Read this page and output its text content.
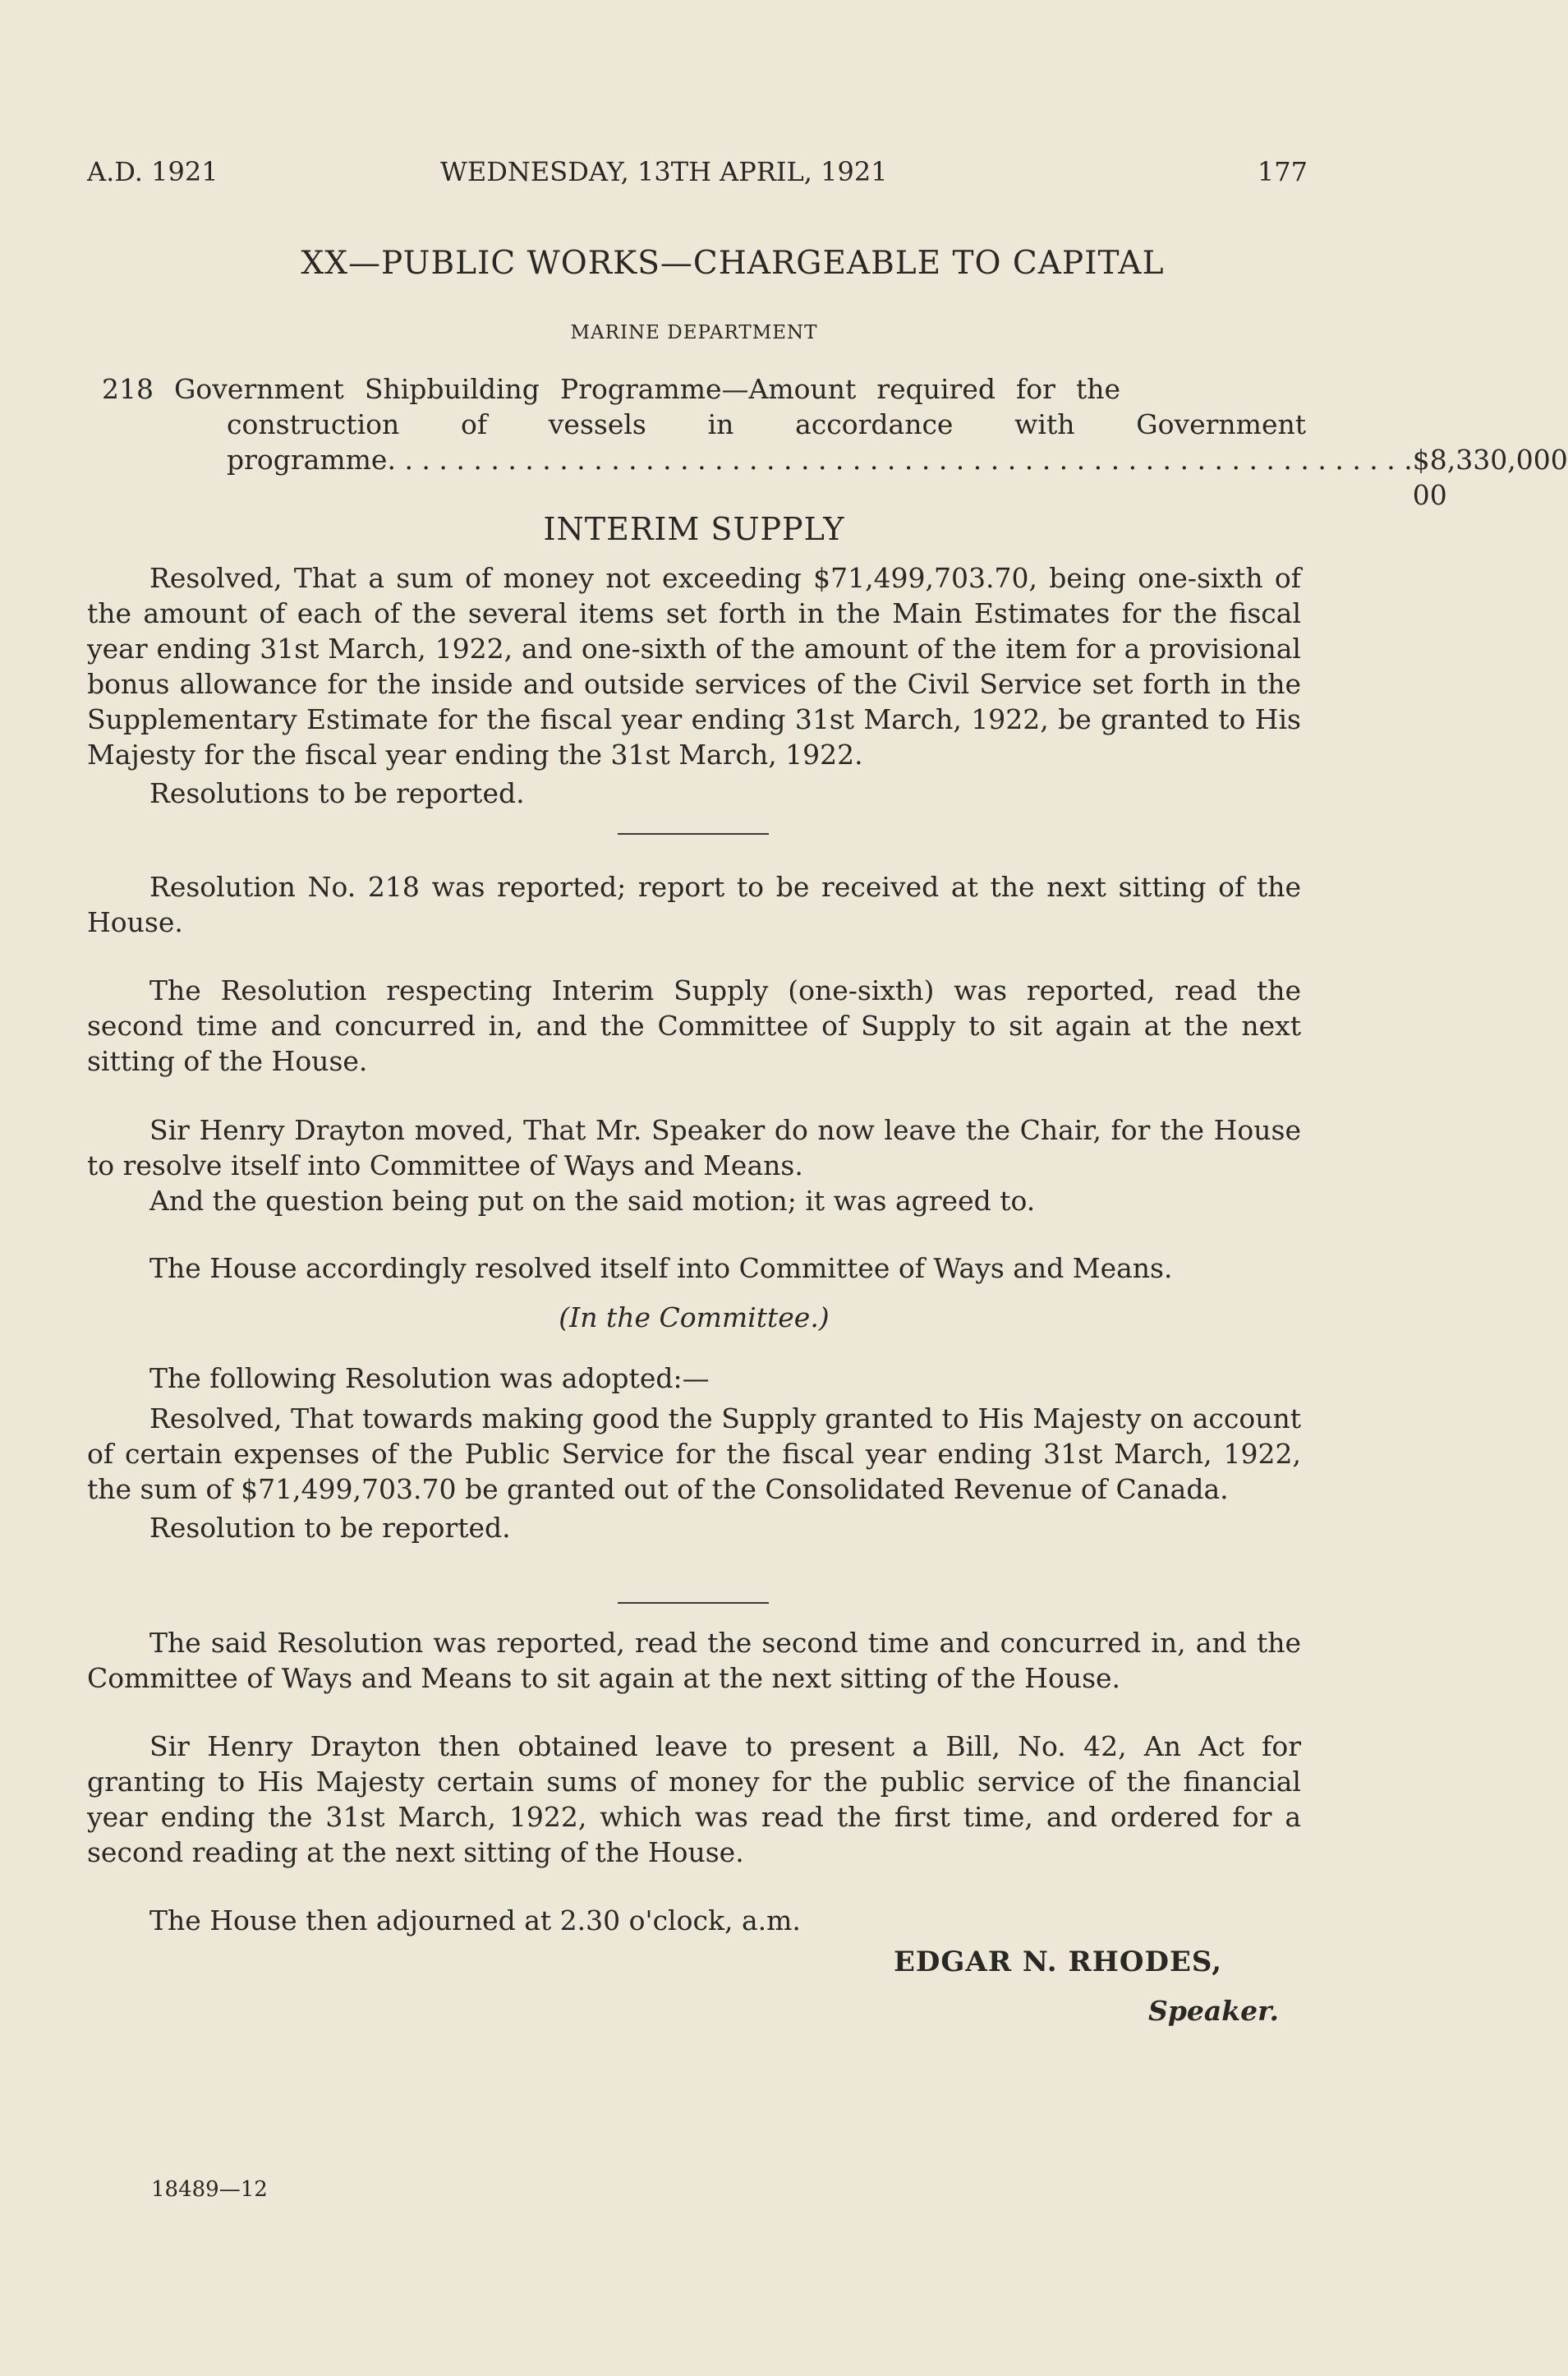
A.D. 1921	WEDNESDAY, 13TH APRIL, 1921	177
XX—PUBLIC WORKS—CHARGEABLE TO CAPITAL
MARINE DEPARTMENT
218 Government Shipbuilding Programme—Amount required for the
construction of vessels in accordance with Government
programme . . . . . . . . . . . . . . . . . . . . . . . . . . . . . . . . . . . . . . . . . . . . . . . . . . . . . . . . . . . . $8,330,000 00
INTERIM SUPPLY

Resolved, That a sum of money not exceeding $71,499,703.70, being one-sixth of the amount of each of the several items set forth in the Main Estimates for the fiscal year ending 31st March, 1922, and one-sixth of the amount of the item for a provisional bonus allowance for the inside and outside services of the Civil Service set forth in the Supplementary Estimate for the fiscal year ending 31st March, 1922, be granted to His Majesty for the fiscal year ending the 31st March, 1922.

Resolutions to be reported.

Resolution No. 218 was reported; report to be received at the next sitting of the House.

The Resolution respecting Interim Supply (one-sixth) was reported, read the second time and concurred in, and the Committee of Supply to sit again at the next sitting of the House.

Sir Henry Drayton moved, That Mr. Speaker do now leave the Chair, for the House to resolve itself into Committee of Ways and Means.

And the question being put on the said motion; it was agreed to.

The House accordingly resolved itself into Committee of Ways and Means.

(In the Committee.)

The following Resolution was adopted:—

Resolved, That towards making good the Supply granted to His Majesty on account of certain expenses of the Public Service for the fiscal year ending 31st March, 1922, the sum of $71,499,703.70 be granted out of the Consolidated Revenue of Canada.

Resolution to be reported.

The said Resolution was reported, read the second time and concurred in, and the Committee of Ways and Means to sit again at the next sitting of the House.

Sir Henry Drayton then obtained leave to present a Bill, No. 42, An Act for granting to His Majesty certain sums of money for the public service of the financial year ending the 31st March, 1922, which was read the first time, and ordered for a second reading at the next sitting of the House.

The House then adjourned at 2.30 o'clock, a.m.

EDGAR N. RHODES,
Speaker.
18489—12
